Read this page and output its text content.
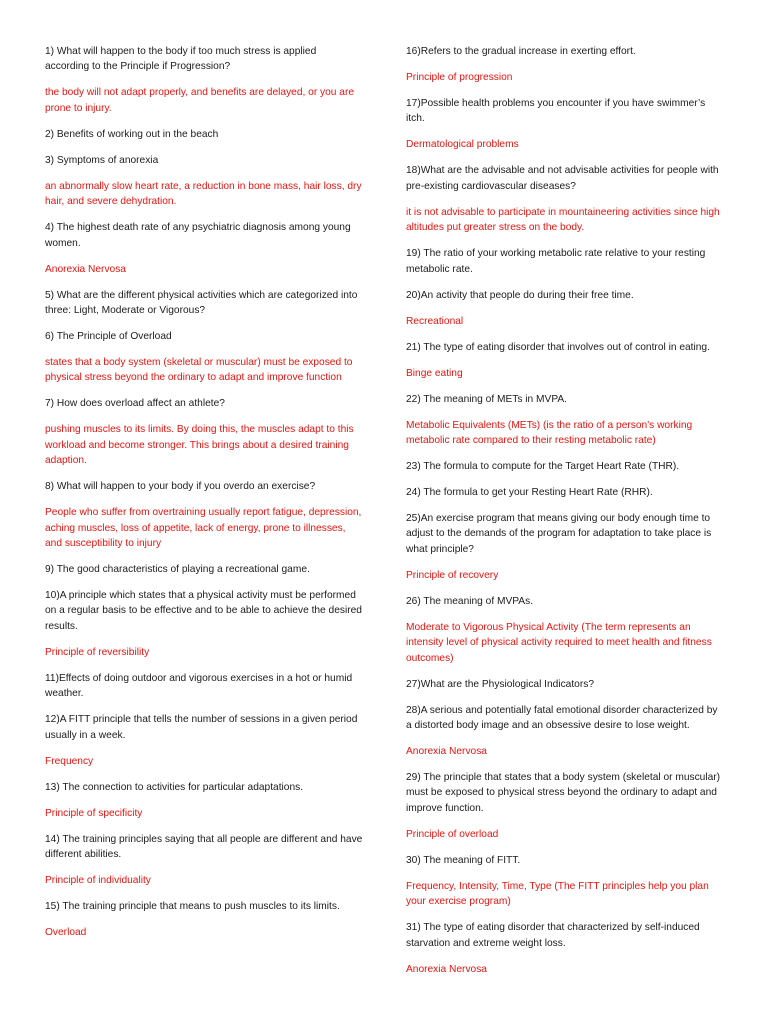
1) What will happen to the body if too much stress is applied according to the Principle if Progression?

the body will not adapt properly, and benefits are delayed, or you are prone to injury.

2) Benefits of working out in the beach

3) Symptoms of anorexia

an abnormally slow heart rate, a reduction in bone mass, hair loss, dry hair, and severe dehydration.

4) The highest death rate of any psychiatric diagnosis among young women.

Anorexia Nervosa

5) What are the different physical activities which are categorized into three: Light, Moderate or Vigorous?

6) The Principle of Overload

states that a body system (skeletal or muscular) must be exposed to physical stress beyond the ordinary to adapt and improve function

7) How does overload affect an athlete?

pushing muscles to its limits. By doing this, the muscles adapt to this workload and become stronger. This brings about a desired training adaption.

8) What will happen to your body if you overdo an exercise?

People who suffer from overtraining usually report fatigue, depression, aching muscles, loss of appetite, lack of energy, prone to illnesses, and susceptibility to injury

9) The good characteristics of playing a recreational game.

10)A principle which states that a physical activity must be performed on a regular basis to be effective and to be able to achieve the desired results.

Principle of reversibility

11)Effects of doing outdoor and vigorous exercises in a hot or humid weather.

12)A FITT principle that tells the number of sessions in a given period usually in a week.

Frequency

13) The connection to activities for particular adaptations.

Principle of specificity

14) The training principles saying that all people are different and have different abilities.

Principle of individuality

15) The training principle that means to push muscles to its limits.

Overload

16)Refers to the gradual increase in exerting effort.

Principle of progression

17)Possible health problems you encounter if you have swimmer’s itch.

Dermatological problems

18)What are the advisable and not advisable activities for people with pre-existing cardiovascular diseases?

it is not advisable to participate in mountaineering activities since high altitudes put greater stress on the body.

19) The ratio of your working metabolic rate relative to your resting metabolic rate.

20)An activity that people do during their free time.

Recreational

21) The type of eating disorder that involves out of control in eating.

Binge eating

22) The meaning of METs in MVPA.

Metabolic Equivalents (METs) (is the ratio of a person's working metabolic rate compared to their resting metabolic rate)

23) The formula to compute for the Target Heart Rate (THR).

24) The formula to get your Resting Heart Rate (RHR).

25)An exercise program that means giving our body enough time to adjust to the demands of the program for adaptation to take place is what principle?

Principle of recovery

26) The meaning of MVPAs.

Moderate to Vigorous Physical Activity (The term represents an intensity level of physical activity required to meet health and fitness outcomes)

27)What are the Physiological Indicators?

28)A serious and potentially fatal emotional disorder characterized by a distorted body image and an obsessive desire to lose weight.

Anorexia Nervosa

29) The principle that states that a body system (skeletal or muscular) must be exposed to physical stress beyond the ordinary to adapt and improve function.

Principle of overload

30) The meaning of FITT.

Frequency, Intensity, Time, Type (The FITT principles help you plan your exercise program)

31) The type of eating disorder that characterized by self-induced starvation and extreme weight loss.

Anorexia Nervosa
